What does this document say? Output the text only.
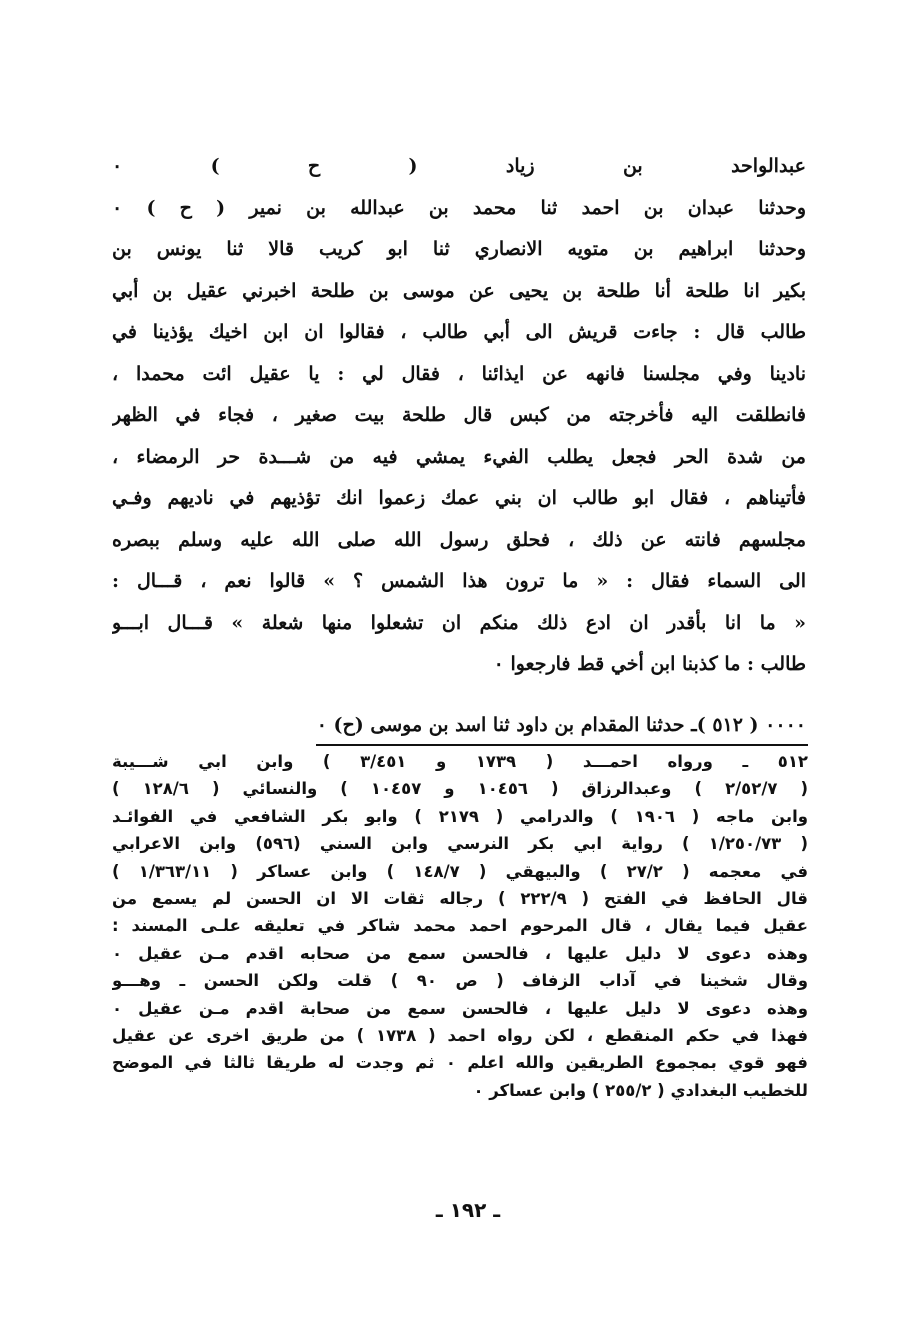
عبدالواحد بن زياد ( ح ) ٠
وحدثنا عبدان بن احمد ثنا محمد بن عبدالله بن نمير ( ح ) ٠
وحدثنا ابراهيم بن متويه الانصاري ثنا ابو كريب قالا ثنا يونس بن
بكير انا طلحة أنا طلحة بن يحيى عن موسى بن طلحة اخبرني عقيل بن أبي
طالب قال : جاءت قريش الى أبي طالب ، فقالوا ان ابن اخيك يؤذينا في
نادينا وفي مجلسنا فانهه عن ايذائنا ، فقال لي : يا عقيل ائت محمدا ،
فانطلقت اليه فأخرجته من كبس قال طلحة بيت صغير ، فجاء في الظهر
من شدة الحر فجعل يطلب الفيء يمشي فيه من شـــدة حر الرمضاء ،
فأتيناهم ، فقال ابو طالب ان بني عمك زعموا انك تؤذيهم في ناديهم وفـي
مجلسهم فانته عن ذلك ، فحلق رسول الله صلى الله عليه وسلم ببصره
الى السماء فقال : « ما ترون هذا الشمس ؟ » قالوا نعم ، قـــال :
« ما انا بأقدر ان ادع ذلك منكم ان تشعلوا منها شعلة » قـــال ابـــو
طالب : ما كذبنا ابن أخي قط فارجعوا ٠
٠٠٠٠ ( ٥١٢ )ـ حدثنا المقدام بن داود ثنا اسد بن موسى (ح) ٠
٥١٢ ـ ورواه احمـــد ( ١٧٣٩ و ٣/٤٥١ ) وابن ابي شـــيبة
( ٢/٥٢/٧ ) وعبدالرزاق ( ١٠٤٥٦ و ١٠٤٥٧ ) والنسائي ( ١٢٨/٦ )
وابن ماجه ( ١٩٠٦ ) والدرامي ( ٢١٧٩ ) وابو بكر الشافعي في الفوائـد
( ١/٢٥٠/٧٣ ) رواية ابي بكر النرسي وابن السني (٥٩٦) وابن الاعرابي
في معجمه ( ٢٧/٢ ) والبيهقي ( ١٤٨/٧ ) وابن عساكر ( ١/٣٦٣/١١ )
قال الحافظ في الفتح ( ٢٢٢/٩ ) رجاله ثقات الا ان الحسن لم يسمع من
عقيل فيما يقال ، قال المرحوم احمد محمد شاكر في تعليقه علـى المسند :
وهذه دعوى لا دليل عليها ، فالحسن سمع من صحابه اقدم مـن عقيل ٠
وقال شخينا في آداب الزفاف ( ص ٩٠ ) قلت ولكن الحسن ـ وهـــو
وهذه دعوى لا دليل عليها ، فالحسن سمع من صحابة اقدم مـن عقيل ٠
فهذا في حكم المنقطع ، لكن رواه احمد ( ١٧٣٨ ) من طريق اخرى عن عقيل
فهو قوي بمجموع الطريقين والله اعلم ٠ ثم وجدت له طريقا ثالثا في الموضح
للخطيب البغدادي ( ٢٥٥/٢ ) وابن عساكر ٠
ـ ١٩٢ ـ
